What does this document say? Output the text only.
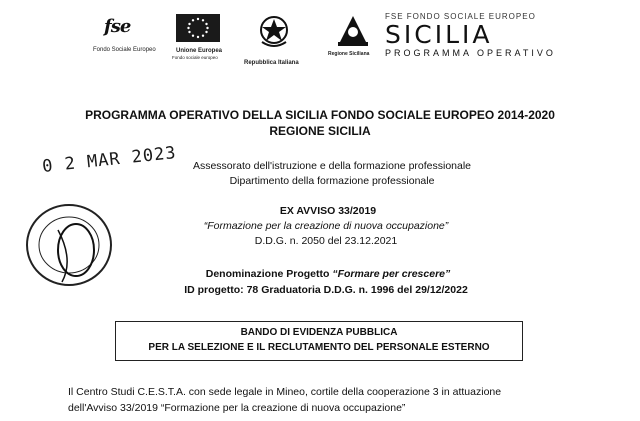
fse
Fondo Sociale Europeo	Unione Europea
Fondo sociale europeo
Repubblica Italiana
Regione Siciliana
FSE FONDO SOCIALE EUROPEO
SICILIA
PROGRAMMA OPERATIVO
PROGRAMMA OPERATIVO DELLA SICILIA FONDO SOCIALE EUROPEO 2014-2020
REGIONE SICILIA
0 2 MAR 2023	Assessorato dell'istruzione e della formazione professionale
Dipartimento della formazione professionale
EX AVVISO 33/2019
“Formazione per la creazione di nuova occupazione”
D.D.G. n. 2050 del 23.12.2021
Denominazione Progetto “Formare per crescere”
ID progetto: 78 Graduatoria D.D.G. n. 1996 del 29/12/2022
BANDO DI EVIDENZA PUBBLICA
PER LA SELEZIONE E IL RECLUTAMENTO DEL PERSONALE ESTERNO
Il Centro Studi C.E.S.T.A. con sede legale in Mineo, cortile della cooperazione 3 in attuazione
dell'Avviso 33/2019 “Formazione per la creazione di nuova occupazione”
